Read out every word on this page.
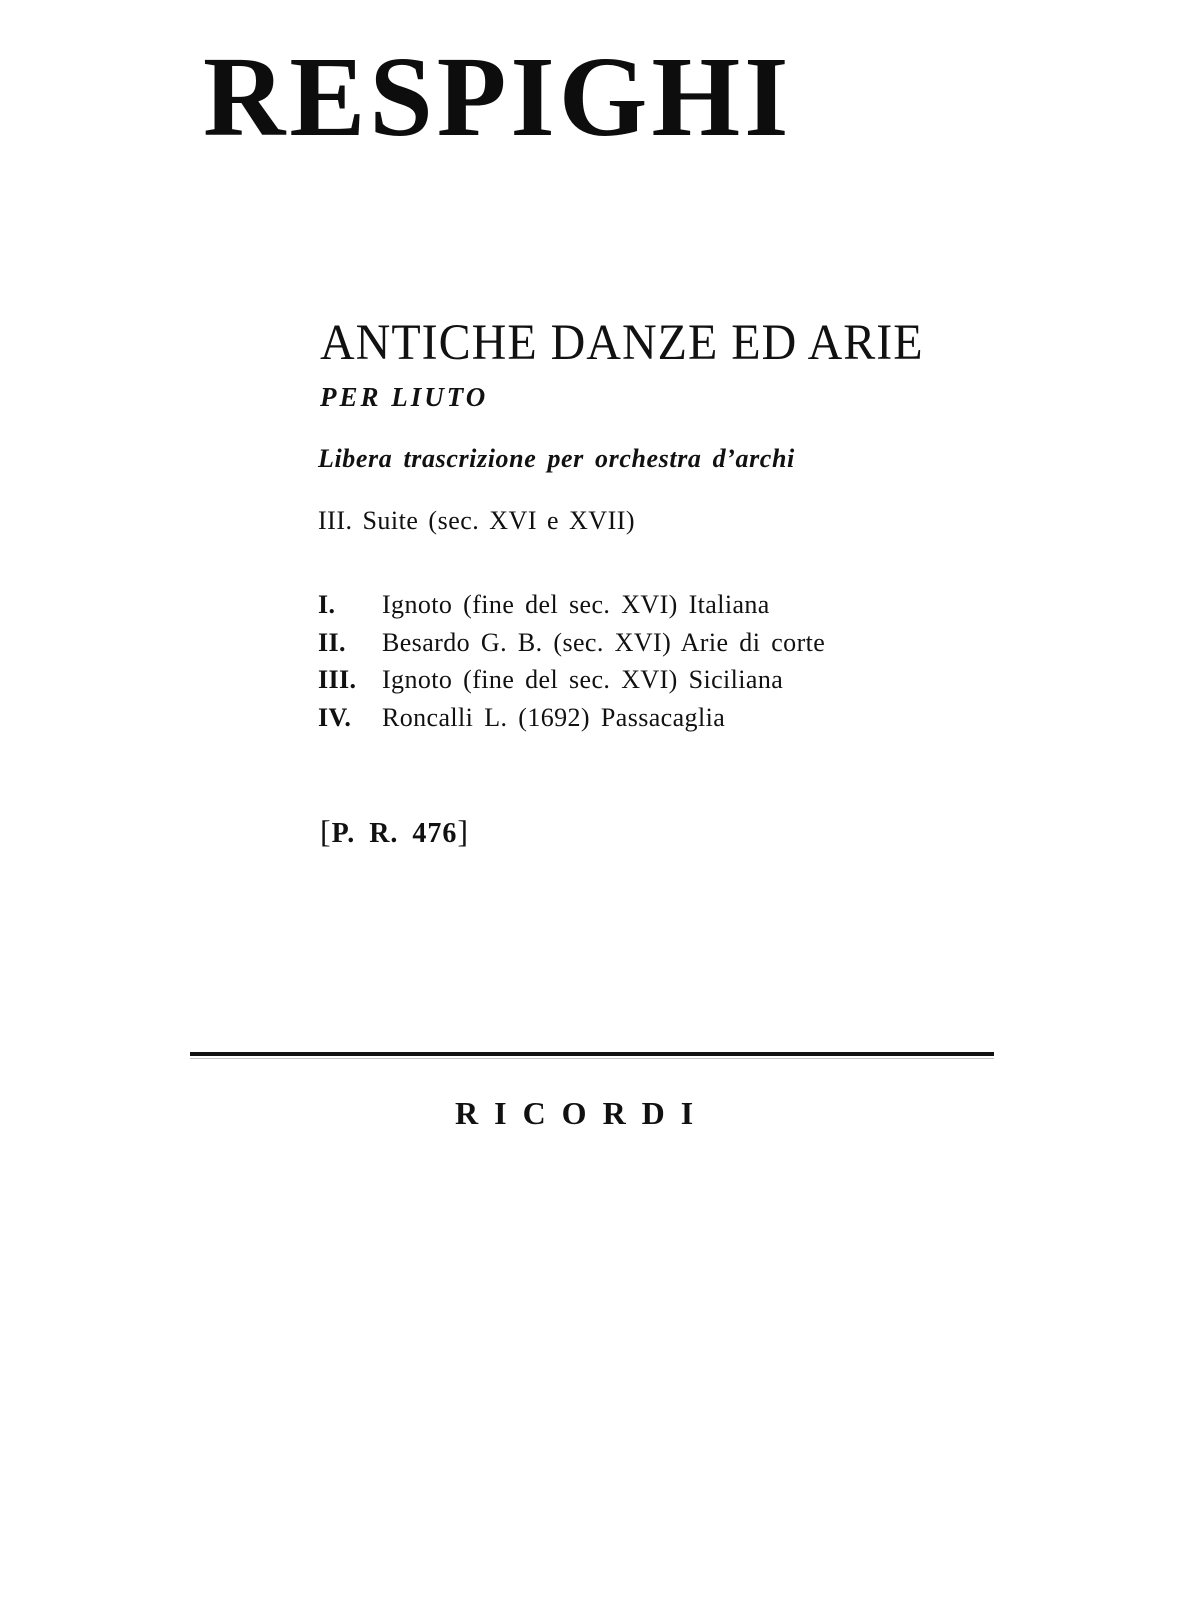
RESPIGHI
ANTICHE DANZE ED ARIE
PER LIUTO
Libera trascrizione per orchestra d’archi
III. Suite (sec. XVI e XVII)
I. Ignoto (fine del sec. XVI) Italiana
II. Besardo G. B. (sec. XVI) Arie di corte
III. Ignoto (fine del sec. XVI) Siciliana
IV. Roncalli L. (1692) Passacaglia
[P. R. 476]
RICORDI
